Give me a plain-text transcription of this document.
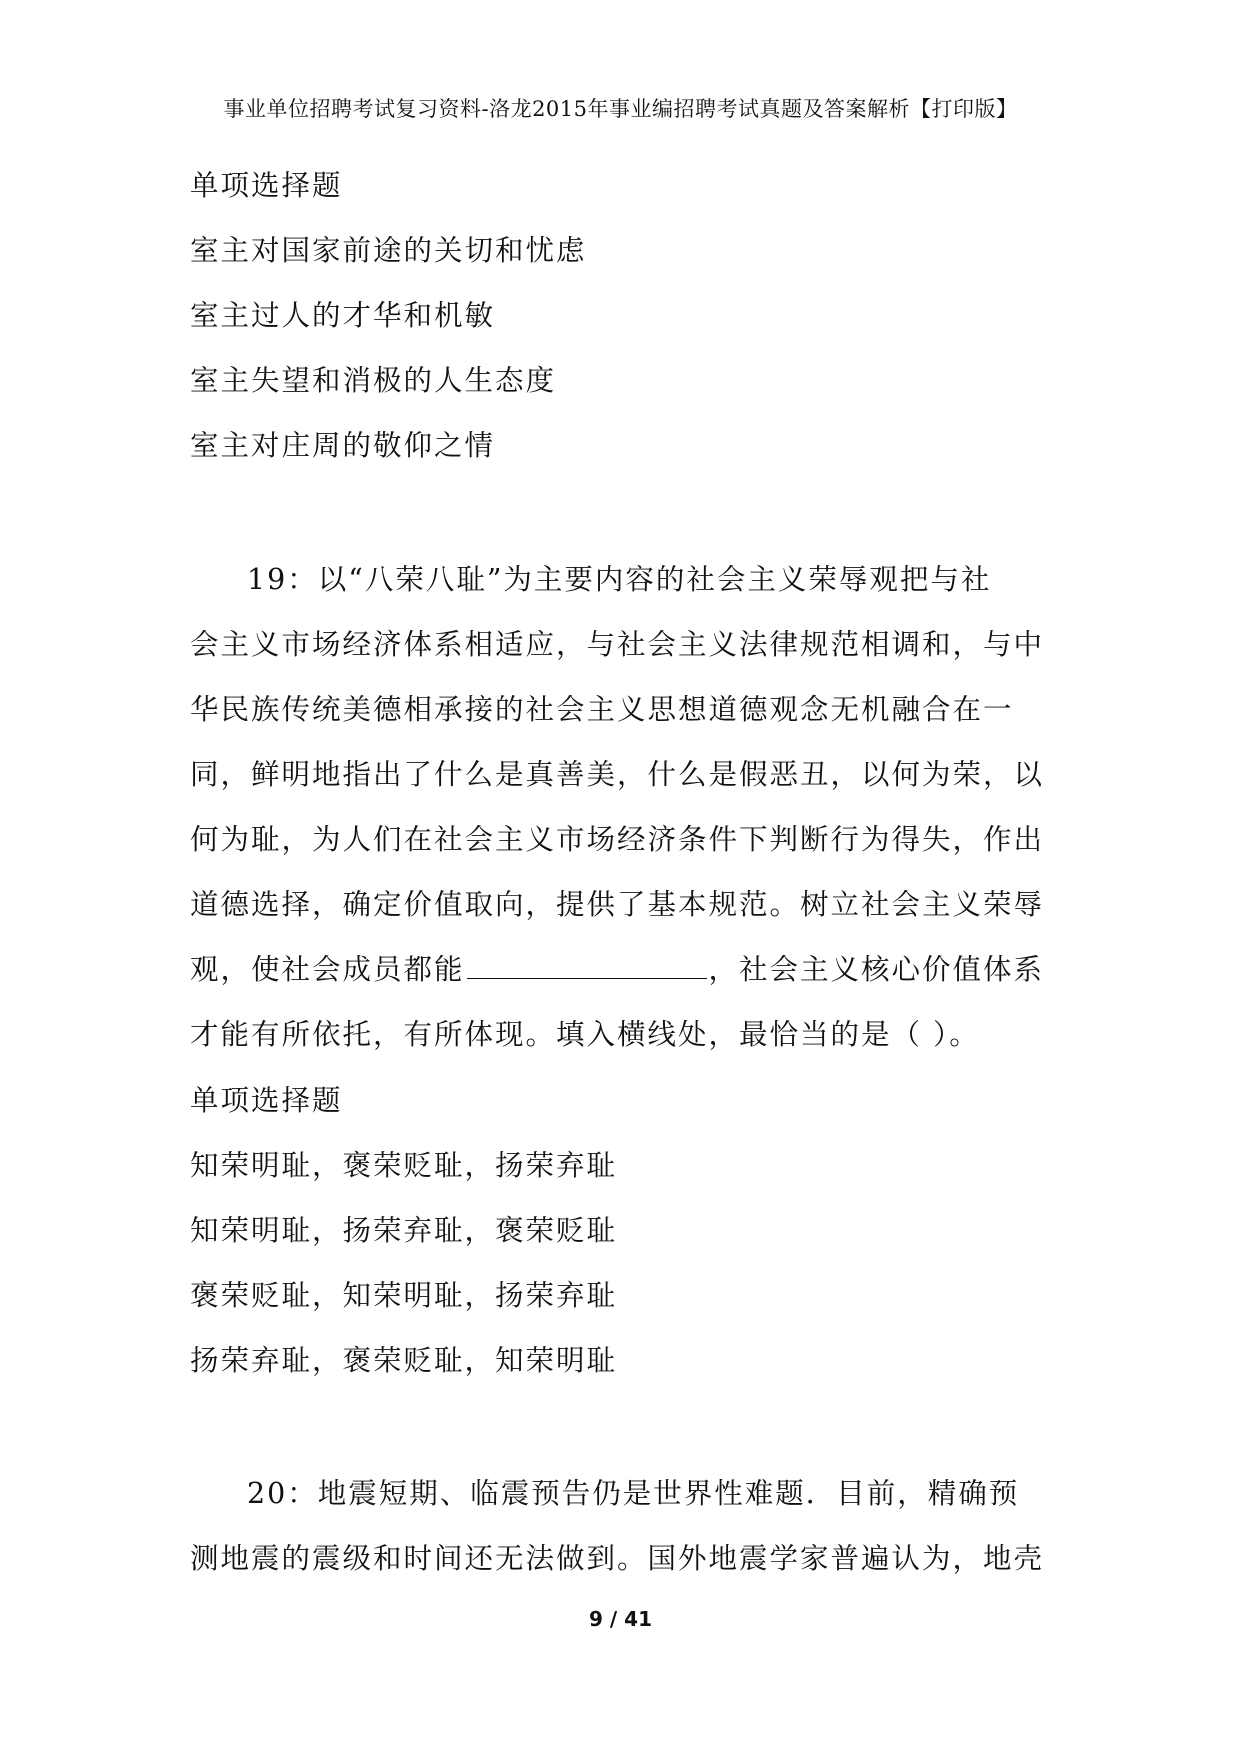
事业单位招聘考试复习资料-洛龙2015年事业编招聘考试真题及答案解析【打印版】
单项选择题
室主对国家前途的关切和忧虑
室主过人的才华和机敏
室主失望和消极的人生态度
室主对庄周的敬仰之情
19：以“八荣八耻”为主要内容的社会主义荣辱观把与社
会主义市场经济体系相适应，与社会主义法律规范相调和，与中
华民族传统美德相承接的社会主义思想道德观念无机融合在一
同，鲜明地指出了什么是真善美，什么是假恶丑，以何为荣，以
何为耻，为人们在社会主义市场经济条件下判断行为得失，作出
道德选择，确定价值取向，提供了基本规范。树立社会主义荣辱
观，使社会成员都能	，社会主义核心价值体系
才能有所依托，有所体现。填入横线处，最恰当的是（ ）。
单项选择题
知荣明耻，褒荣贬耻，扬荣弃耻
知荣明耻，扬荣弃耻，褒荣贬耻
褒荣贬耻，知荣明耻，扬荣弃耻
扬荣弃耻，褒荣贬耻，知荣明耻
20：地震短期、临震预告仍是世界性难题．目前，精确预
测地震的震级和时间还无法做到。国外地震学家普遍认为，地壳
9 / 41
